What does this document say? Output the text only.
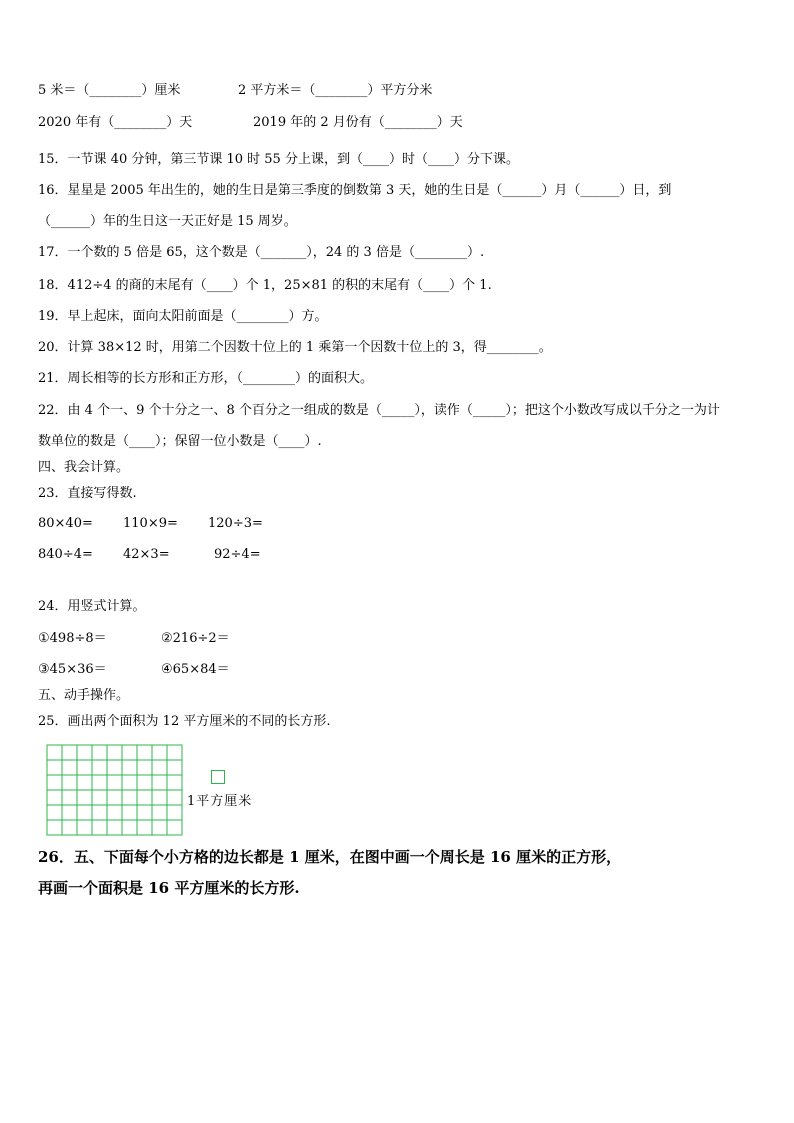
5 米＝（________）厘米	2 平方米＝（________）平方分米
2020 年有（________）天	2019 年的 2 月份有（________）天
15．一节课 40 分钟，第三节课 10 时 55 分上课，到（____）时（____）分下课。
16．星星是 2005 年出生的，她的生日是第三季度的倒数第 3 天，她的生日是（______）月（______）日，到
（______）年的生日这一天正好是 15 周岁。
17．一个数的 5 倍是 65，这个数是（_______），24 的 3 倍是（________）.
18．412÷4 的商的末尾有（____）个 1，25×81 的积的末尾有（____）个 1.
19．早上起床，面向太阳前面是（________）方。
20．计算 38×12 时，用第二个因数十位上的 1 乘第一个因数十位上的 3，得________。
21．周长相等的长方形和正方形，（________）的面积大。
22．由 4 个一、9 个十分之一、8 个百分之一组成的数是（_____），读作（_____）；把这个小数改写成以千分之一为计
数单位的数是（____）；保留一位小数是（____）.
四、我会计算。
23．直接写得数.
80×40= 110×9= 120÷3=
840÷4= 42×3=	92÷4=
24．用竖式计算。
①498÷8＝	②216÷2＝
③45×36＝	④65×84＝
五、动手操作。
25．画出两个面积为 12 平方厘米的不同的长方形.
1平方厘米
26．五、下面每个小方格的边长都是 1 厘米，在图中画一个周长是 16 厘米的正方形，
再画一个面积是 16 平方厘米的长方形.
